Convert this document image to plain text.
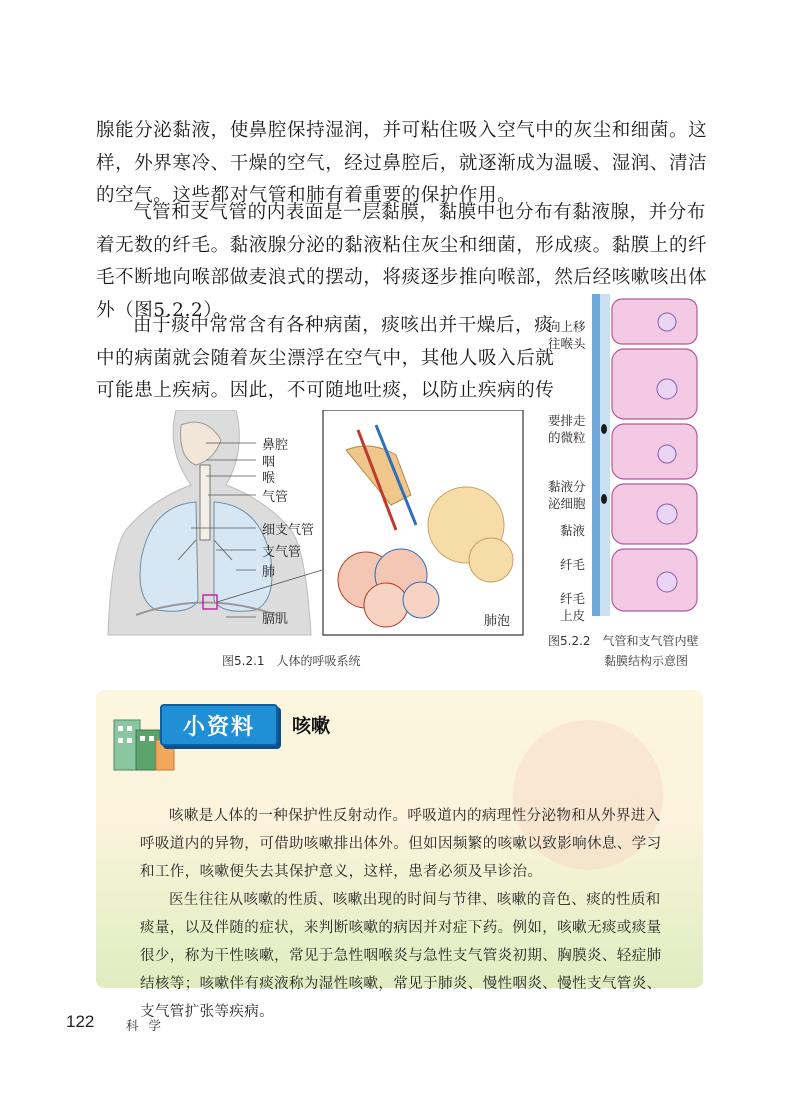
腺能分泌黏液，使鼻腔保持湿润，并可粘住吸入空气中的灰尘和细菌。这样，外界寒冷、干燥的空气，经过鼻腔后，就逐渐成为温暖、湿润、清洁的空气。这些都对气管和肺有着重要的保护作用。

气管和支气管的内表面是一层黏膜，黏膜中也分布有黏液腺，并分布着无数的纤毛。黏液腺分泌的黏液粘住灰尘和细菌，形成痰。黏膜上的纤毛不断地向喉部做麦浪式的摆动，将痰逐步推向喉部，然后经咳嗽咳出体外（图5.2.2）。

由于痰中常常含有各种病菌，痰咳出并干燥后，痰中的病菌就会随着灰尘漂浮在空气中，其他人吸入后就可能患上疾病。因此，不可随地吐痰，以防止疾病的传

鼻腔
咽
喉
气管
细支气管
支气管
肺
膈肌	肺泡
图5.2.1　人体的呼吸系统
向上移往喉头
要排走的微粒
黏液分泌细胞
黏液
纤毛
纤毛上皮
图5.2.2　气管和支气管内壁
黏膜结构示意图
小资料 咳嗽

咳嗽是人体的一种保护性反射动作。呼吸道内的病理性分泌物和从外界进入呼吸道内的异物，可借助咳嗽排出体外。但如因频繁的咳嗽以致影响休息、学习和工作，咳嗽便失去其保护意义，这样，患者必须及早诊治。

医生往往从咳嗽的性质、咳嗽出现的时间与节律、咳嗽的音色、痰的性质和痰量，以及伴随的症状，来判断咳嗽的病因并对症下药。例如，咳嗽无痰或痰量很少，称为干性咳嗽，常见于急性咽喉炎与急性支气管炎初期、胸膜炎、轻症肺结核等；咳嗽伴有痰液称为湿性咳嗽，常见于肺炎、慢性咽炎、慢性支气管炎、支气管扩张等疾病。

122	科 学
